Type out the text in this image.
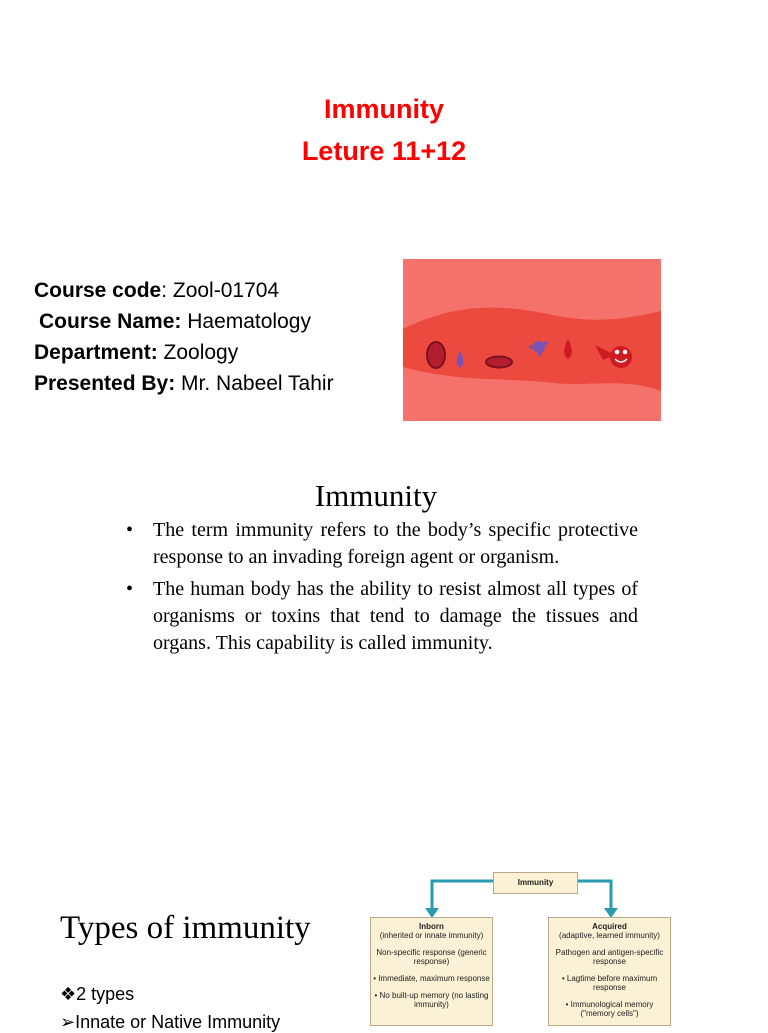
Immunity
Leture 11+12
Course code: Zool-01704
Course Name: Haematology
Department: Zoology
Presented By: Mr. Nabeel Tahir
Immunity
• The term immunity refers to the body’s specific protective response to an invading foreign agent or organism.
• The human body has the ability to resist almost all types of organisms or toxins that tend to damage the tissues and organs. This capability is called immunity.
Types of immunity
❖2 types
➢Innate or Native Immunity
Immunity
Inborn
(inherited or innate immunity)
Non-specific response (generic response)
• Immediate, maximum response
• No built-up memory (no lasting immunity)
Acquired
(adaptive, learned immunity)
Pathogen and antigen-specific response
• Lagtime before maximum response
• Immunological memory ("memory cells")
